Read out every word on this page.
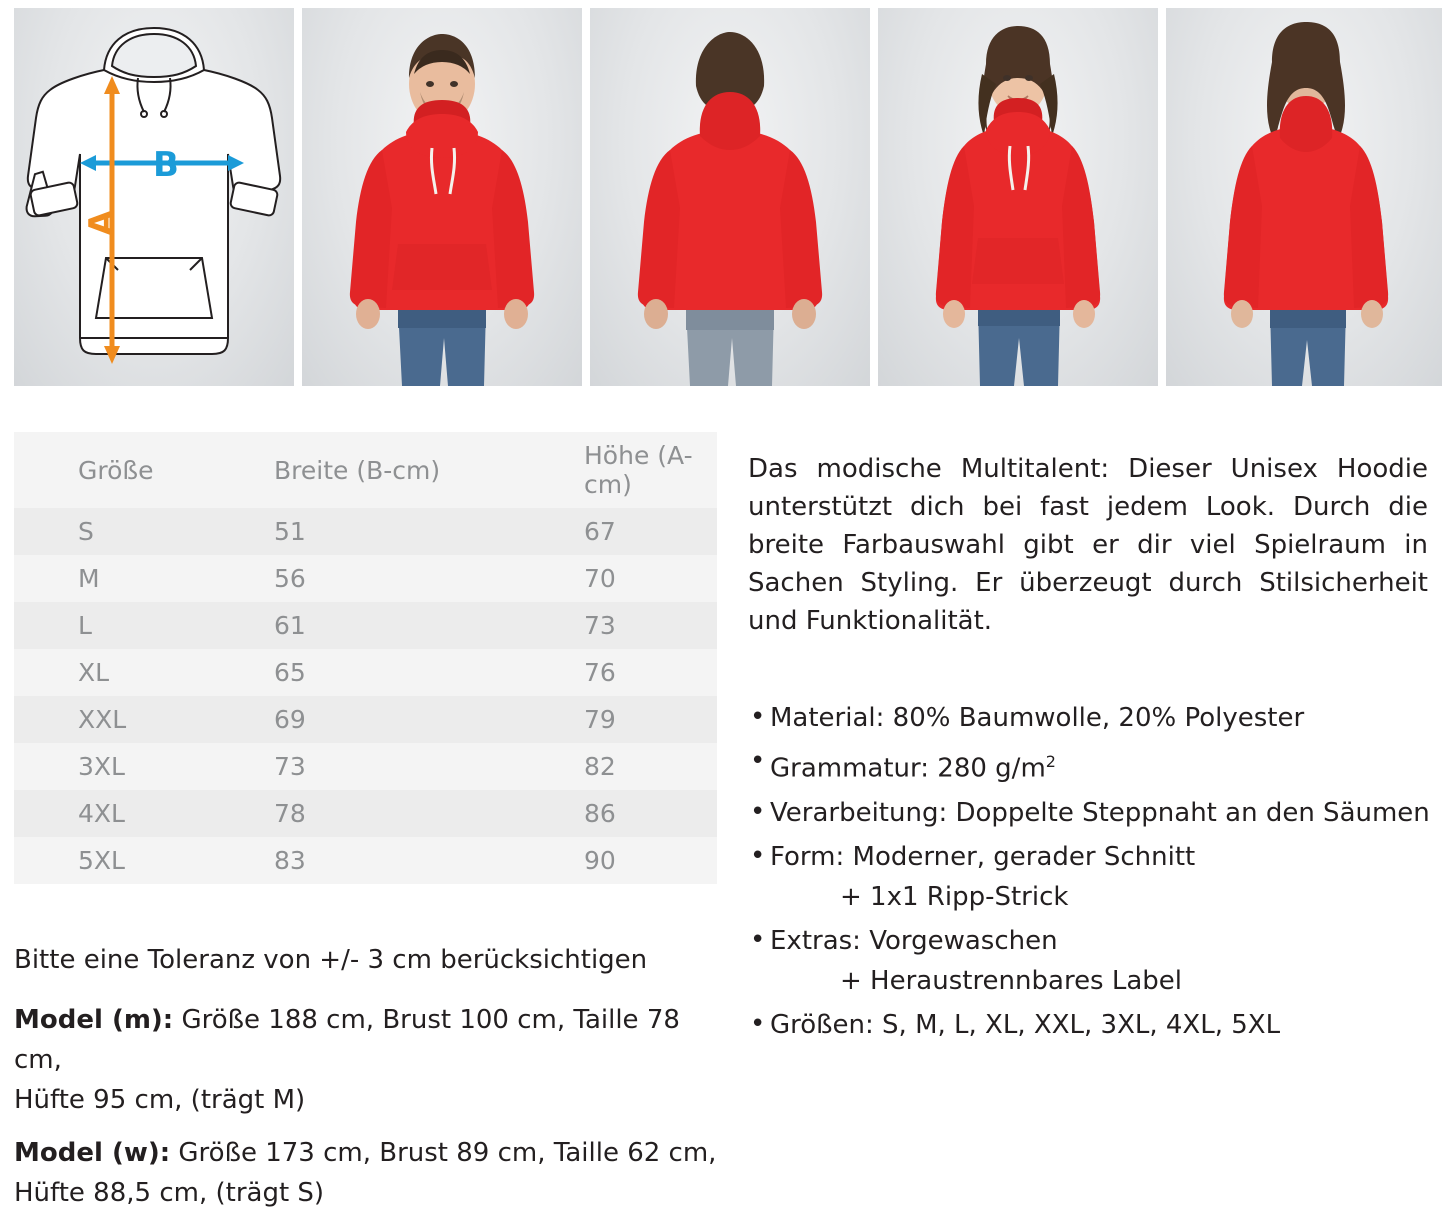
B
A
Größe	Breite (B-cm)	Höhe (A-cm)
S	51	67
M	56	70
L	61	73
XL	65	76
XXL	69	79
3XL	73	82
4XL	78	86
5XL	83	90
Bitte eine Toleranz von +/- 3 cm berücksichtigen
Model (m): Größe 188 cm, Brust 100 cm, Taille 78 cm,
Hüfte 95 cm, (trägt M)
Model (w): Größe 173 cm, Brust 89 cm, Taille 62 cm,
Hüfte 88,5 cm, (trägt S)
Das modische Multitalent: Dieser Unisex Hoodie unterstützt dich bei fast jedem Look. Durch die breite Farbauswahl gibt er dir viel Spielraum in Sachen Styling. Er überzeugt durch Stilsicherheit und Funktionalität.
• Material: 80% Baumwolle, 20% Polyester
• Grammatur: 280 $g/m^2$
• Verarbeitung: Doppelte Steppnaht an den Säumen
• Form: Moderner, gerader Schnitt
+ 1x1 Ripp-Strick
• Extras: Vorgewaschen
+ Heraustrennbares Label
• Größen: S, M, L, XL, XXL, 3XL, 4XL, 5XL
